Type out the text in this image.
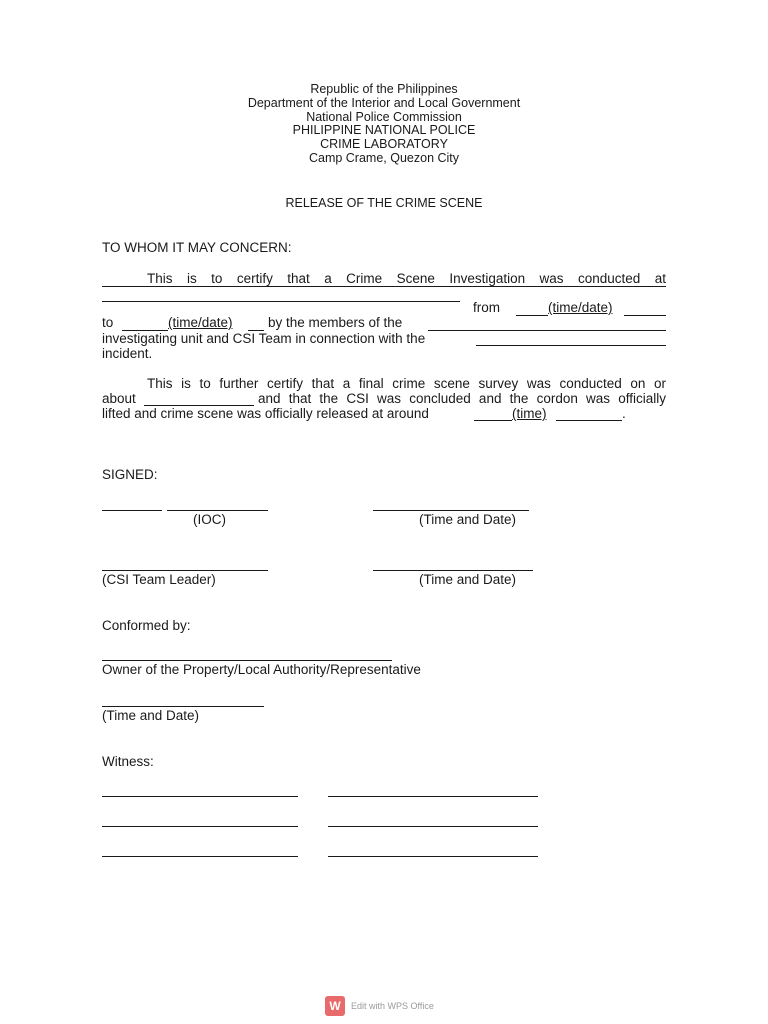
Republic of the Philippines
Department of the Interior and Local Government
National Police Commission
PHILIPPINE NATIONAL POLICE
CRIME LABORATORY
Camp Crame, Quezon City
RELEASE OF THE CRIME SCENE
TO WHOM IT MAY CONCERN:
This is to certify that a Crime Scene Investigation was conducted at
from	(time/date)
to	(time/date)	by the members of the
investigating unit and CSI Team in connection with the
incident.
This is to further certify that a final crime scene survey was conducted on or
about	and that the CSI was concluded and the cordon was officially
lifted and crime scene was officially released at around	(time)	.
SIGNED:
(IOC)	(Time and Date)
(CSI Team Leader)	(Time and Date)
Conformed by:
Owner of the Property/Local Authority/Representative
(Time and Date)
Witness:
W	Edit with WPS Office
